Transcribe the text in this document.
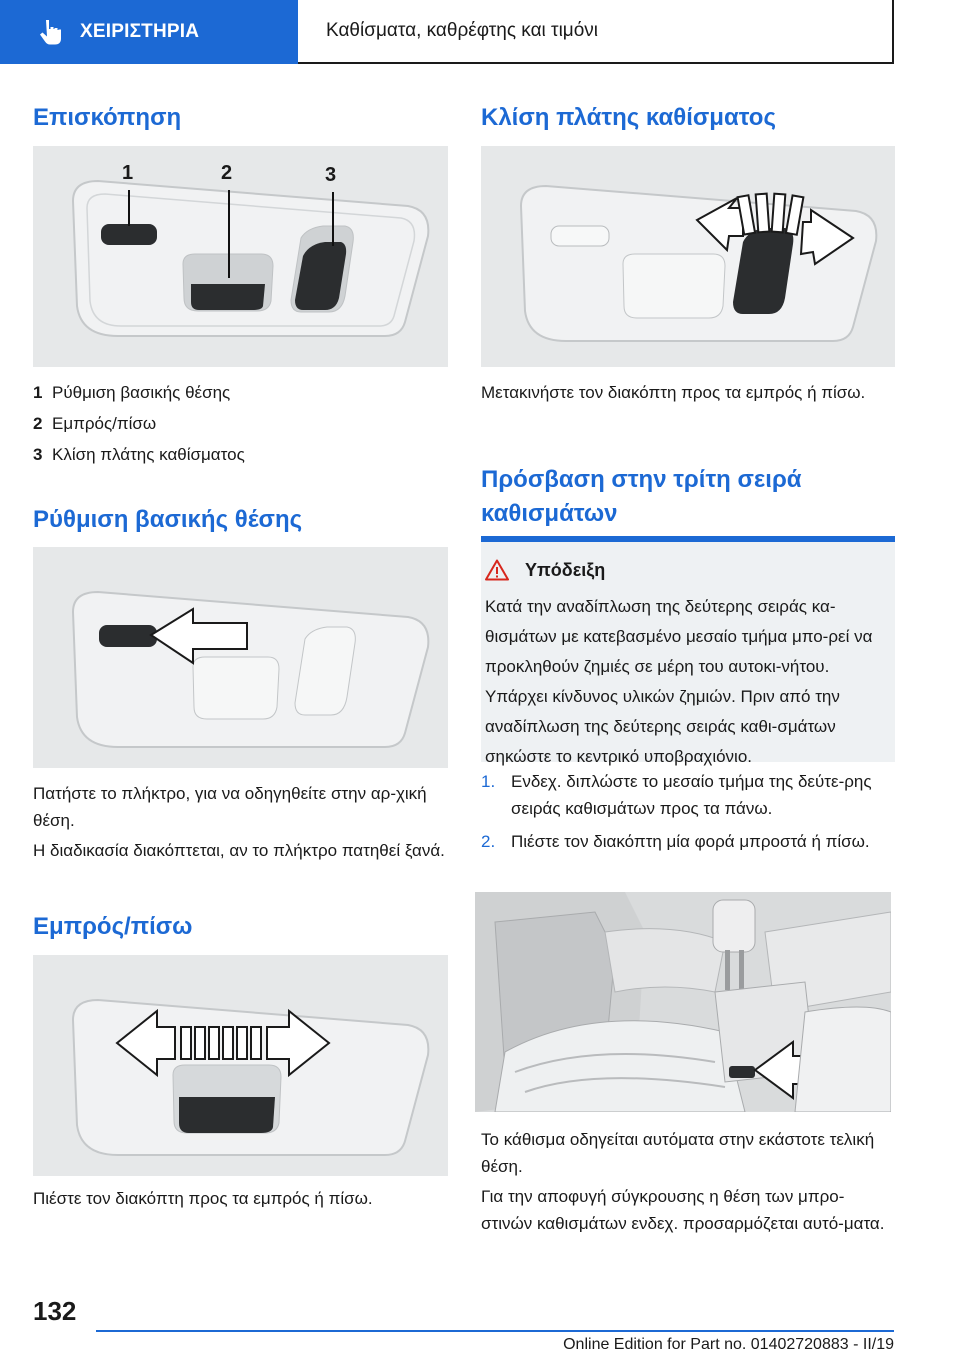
ΧΕΙΡΙΣΤΗΡΙΑ	Καθίσματα, καθρέφτης και τιμόνι
Επισκόπηση
1	2	3
1 Ρύθμιση βασικής θέσης
2 Εμπρός/πίσω
3 Κλίση πλάτης καθίσματος
Ρύθμιση βασικής θέσης

Πατήστε το πλήκτρο, για να οδηγηθείτε στην αρ-χική θέση.

Η διαδικασία διακόπτεται, αν το πλήκτρο πατηθεί ξανά.

Εμπρός/πίσω

Πιέστε τον διακόπτη προς τα εμπρός ή πίσω.

Κλίση πλάτης καθίσματος

Μετακινήστε τον διακόπτη προς τα εμπρός ή πίσω.

Πρόσβαση στην τρίτη σειρά καθισμάτων
Υπόδειξη

Κατά την αναδίπλωση της δεύτερης σειράς κα-θισμάτων με κατεβασμένο μεσαίο τμήμα μπο-ρεί να προκληθούν ζημιές σε μέρη του αυτοκι-νήτου. Υπάρχει κίνδυνος υλικών ζημιών. Πριν από την αναδίπλωση της δεύτερης σειράς καθι-σμάτων σηκώστε το κεντρικό υποβραχιόνιο.

1. Ενδεχ. διπλώστε το μεσαίο τμήμα της δεύτε-ρης σειράς καθισμάτων προς τα πάνω.
2. Πιέστε τον διακόπτη μία φορά μπροστά ή πίσω.

Το κάθισμα οδηγείται αυτόματα στην εκάστοτε τελική θέση.

Για την αποφυγή σύγκρουσης η θέση των μπρο-στινών καθισμάτων ενδεχ. προσαρμόζεται αυτό-ματα.

132
Online Edition for Part no. 01402720883 - II/19
